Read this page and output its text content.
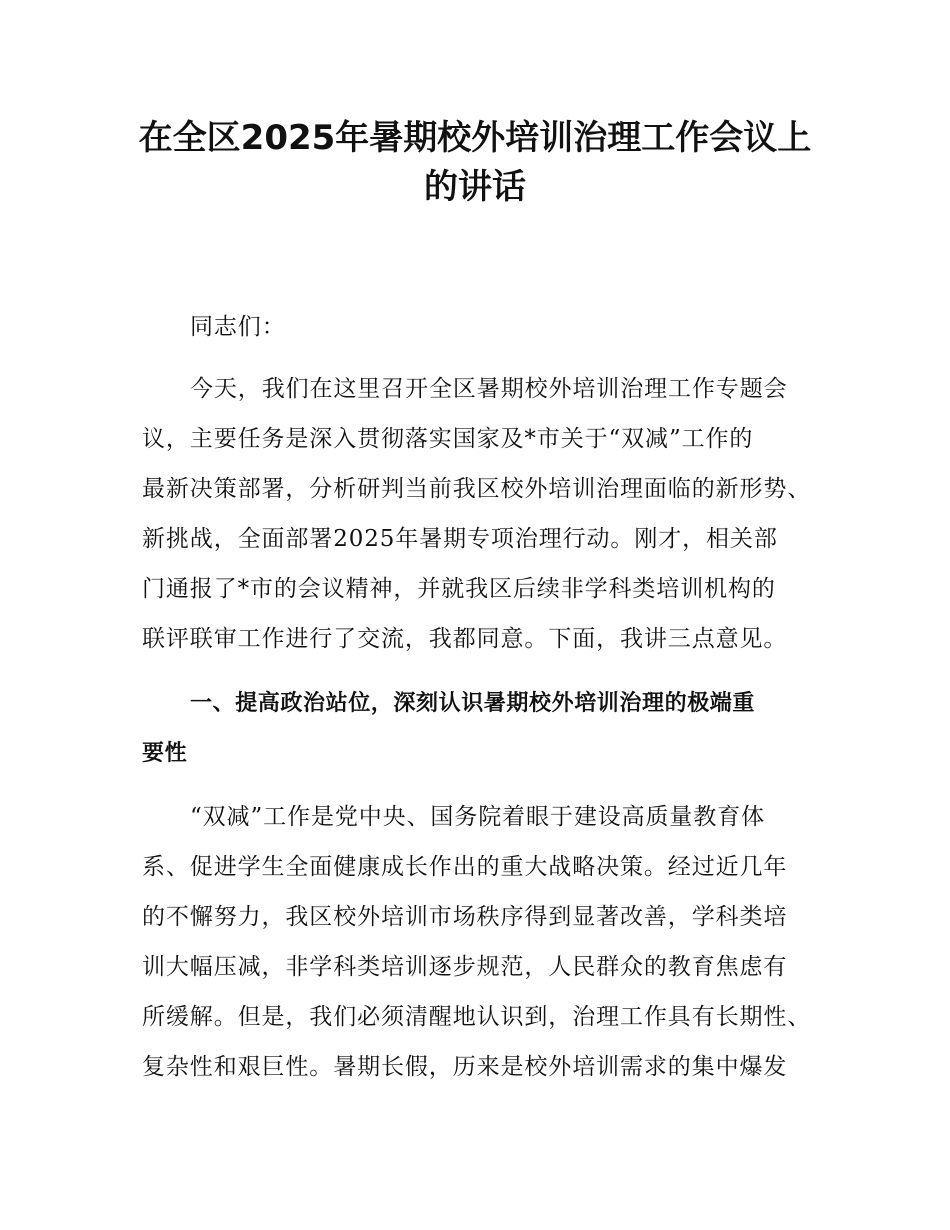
在全区2025年暑期校外培训治理工作会议上
的讲话

同志们：

今天，我们在这里召开全区暑期校外培训治理工作专题会

议，主要任务是深入贯彻落实国家及*市关于“双减”工作的

最新决策部署，分析研判当前我区校外培训治理面临的新形势、

新挑战，全面部署2025年暑期专项治理行动。刚才，相关部

门通报了*市的会议精神，并就我区后续非学科类培训机构的

联评联审工作进行了交流，我都同意。下面，我讲三点意见。

一、提高政治站位，深刻认识暑期校外培训治理的极端重

要性

“双减”工作是党中央、国务院着眼于建设高质量教育体

系、促进学生全面健康成长作出的重大战略决策。经过近几年

的不懈努力，我区校外培训市场秩序得到显著改善，学科类培

训大幅压减，非学科类培训逐步规范，人民群众的教育焦虑有

所缓解。但是，我们必须清醒地认识到，治理工作具有长期性、

复杂性和艰巨性。暑期长假，历来是校外培训需求的集中爆发
